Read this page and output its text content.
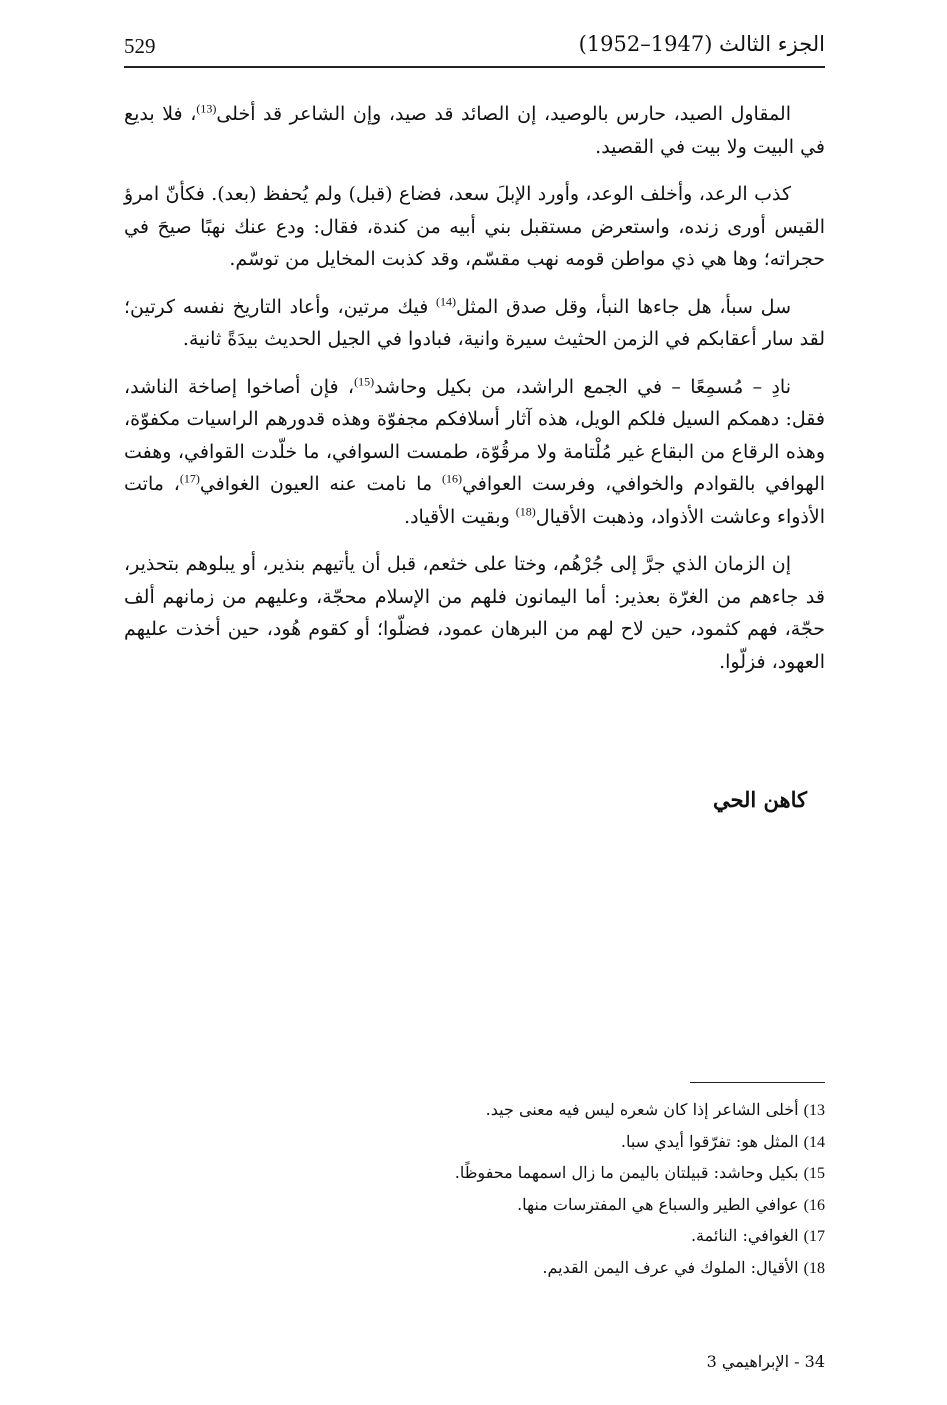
529	الجزء الثالث (1947–1952)

المقاول الصيد، حارس بالوصيد، إن الصائد قد صيد، وإن الشاعر قد أخلى$^{(13)}$، فلا بديع في البيت ولا بيت في القصيد.

كذب الرعد، وأخلف الوعد، وأورد الإبلَ سعد، فضاع (قبل) ولم يُحفظ (بعد). فكأنّ امرؤ القيس أورى زنده، واستعرض مستقبل بني أبيه من كندة، فقال: ودع عنك نهبًا صيحَ في حجراته؛ وها هي ذي مواطن قومه نهب مقسّم، وقد كذبت المخايل من توسّم.

سل سبأ، هل جاءها النبأ، وقل صدق المثل$^{(14)}$ فيك مرتين، وأعاد التاريخ نفسه كرتين؛ لقد سار أعقابكم في الزمن الحثيث سيرة وانية، فبادوا في الجيل الحديث بيدَةً ثانية.

نادِ – مُسمِعًا – في الجمع الراشد، من بكيل وحاشد$^{(15)}$، فإن أصاخوا إصاخة الناشد، فقل: دهمكم السيل فلكم الويل، هذه آثار أسلافكم مجفوّة وهذه قدورهم الراسيات مكفوّة، وهذه الرقاع من البقاع غير مُلْتامة ولا مرقُوّة، طمست السوافي، ما خلّدت القوافي، وهفت الهوافي بالقوادم والخوافي، وفرست العوافي$^{(16)}$ ما نامت عنه العيون الغوافي$^{(17)}$، ماتت الأذواء وعاشت الأذواد، وذهبت الأقيال$^{(18)}$ وبقيت الأقياد.

إن الزمان الذي جرَّ إلى جُرْهُم، وختا على خثعم، قبل أن يأتيهم بنذير، أو يبلوهم بتحذير، قد جاءهم من الغرّة بعذير: أما اليمانون فلهم من الإسلام محجّة، وعليهم من زمانهم ألف حجّة، فهم كثمود، حين لاح لهم من البرهان عمود، فضلّوا؛ أو كقوم هُود، حين أخذت عليهم العهود، فزلّوا.

كاهن الحي

13) أخلى الشاعر إذا كان شعره ليس فيه معنى جيد.

14) المثل هو: تفرّقوا أيدي سبا.

15) بكيل وحاشد: قبيلتان باليمن ما زال اسمهما محفوظًا.

16) عوافي الطير والسباع هي المفترسات منها.

17) الغوافي: النائمة.

18) الأقيال: الملوك في عرف اليمن القديم.

34 - الإبراهيمي 3
